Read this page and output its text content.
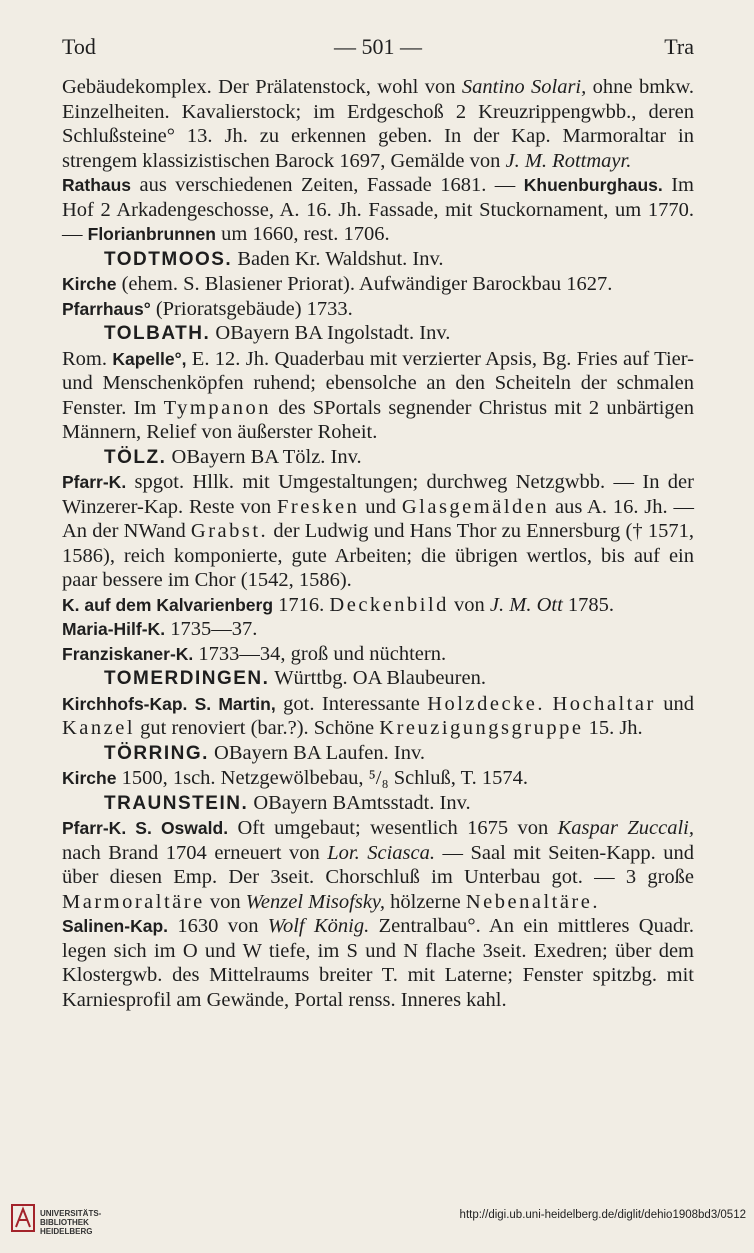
Tod	— 501 —	Tra

Gebäudekomplex. Der Prälatenstock, wohl von Santino Solari, ohne bmkw. Einzelheiten. Kavalierstock; im Erdgeschoß 2 Kreuzrippengwbb., deren Schlußsteine° 13. Jh. zu erkennen geben. In der Kap. Marmoraltar in strengem klassizistischen Barock 1697, Gemälde von J. M. Rottmayr.

Rathaus aus verschiedenen Zeiten, Fassade 1681. — Khuenburghaus. Im Hof 2 Arkadengeschosse, A. 16. Jh. Fassade, mit Stuckornament, um 1770. — Florianbrunnen um 1660, rest. 1706.

TODTMOOS. Baden Kr. Waldshut. Inv.

Kirche (ehem. S. Blasiener Priorat). Aufwändiger Barockbau 1627.

Pfarrhaus° (Prioratsgebäude) 1733.

TOLBATH. OBayern BA Ingolstadt. Inv.

Rom. Kapelle°, E. 12. Jh. Quaderbau mit verzierter Apsis, Bg. Fries auf Tier- und Menschenköpfen ruhend; ebensolche an den Scheiteln der schmalen Fenster. Im Tympanon des SPortals segnender Christus mit 2 unbärtigen Männern, Relief von äußerster Roheit.

TÖLZ. OBayern BA Tölz. Inv.

Pfarr-K. spgot. Hllk. mit Umgestaltungen; durchweg Netzgwbb. — In der Winzerer-Kap. Reste von Fresken und Glasgemälden aus A. 16. Jh. — An der NWand Grabst. der Ludwig und Hans Thor zu Ennersburg († 1571, 1586), reich komponierte, gute Arbeiten; die übrigen wertlos, bis auf ein paar bessere im Chor (1542, 1586).

K. auf dem Kalvarienberg 1716. Deckenbild von J. M. Ott 1785.

Maria-Hilf-K. 1735—37.

Franziskaner-K. 1733—34, groß und nüchtern.

TOMERDINGEN. Württbg. OA Blaubeuren.

Kirchhofs-Kap. S. Martin, got. Interessante Holzdecke. Hochaltar und Kanzel gut renoviert (bar.?). Schöne Kreuzigungsgruppe 15. Jh.

TÖRRING. OBayern BA Laufen. Inv.

Kirche 1500, 1sch. Netzgewölbebau, ⁵/₈ Schluß, T. 1574.

TRAUNSTEIN. OBayern BAmtsstadt. Inv.

Pfarr-K. S. Oswald. Oft umgebaut; wesentlich 1675 von Kaspar Zuccali, nach Brand 1704 erneuert von Lor. Sciasca. — Saal mit Seiten-Kapp. und über diesen Emp. Der 3seit. Chorschluß im Unterbau got. — 3 große Marmoraltäre von Wenzel Misofsky, hölzerne Nebenaltäre.

Salinen-Kap. 1630 von Wolf König. Zentralbau°. An ein mittleres Quadr. legen sich im O und W tiefe, im S und N flache 3seit. Exedren; über dem Klostergwb. des Mittelraums breiter T. mit Laterne; Fenster spitzbg. mit Karniesprofil am Gewände, Portal renss. Inneres kahl.

UNIVERSITÄTS-
BIBLIOTHEK
HEIDELBERG
http://digi.ub.uni-heidelberg.de/diglit/dehio1908bd3/0512
